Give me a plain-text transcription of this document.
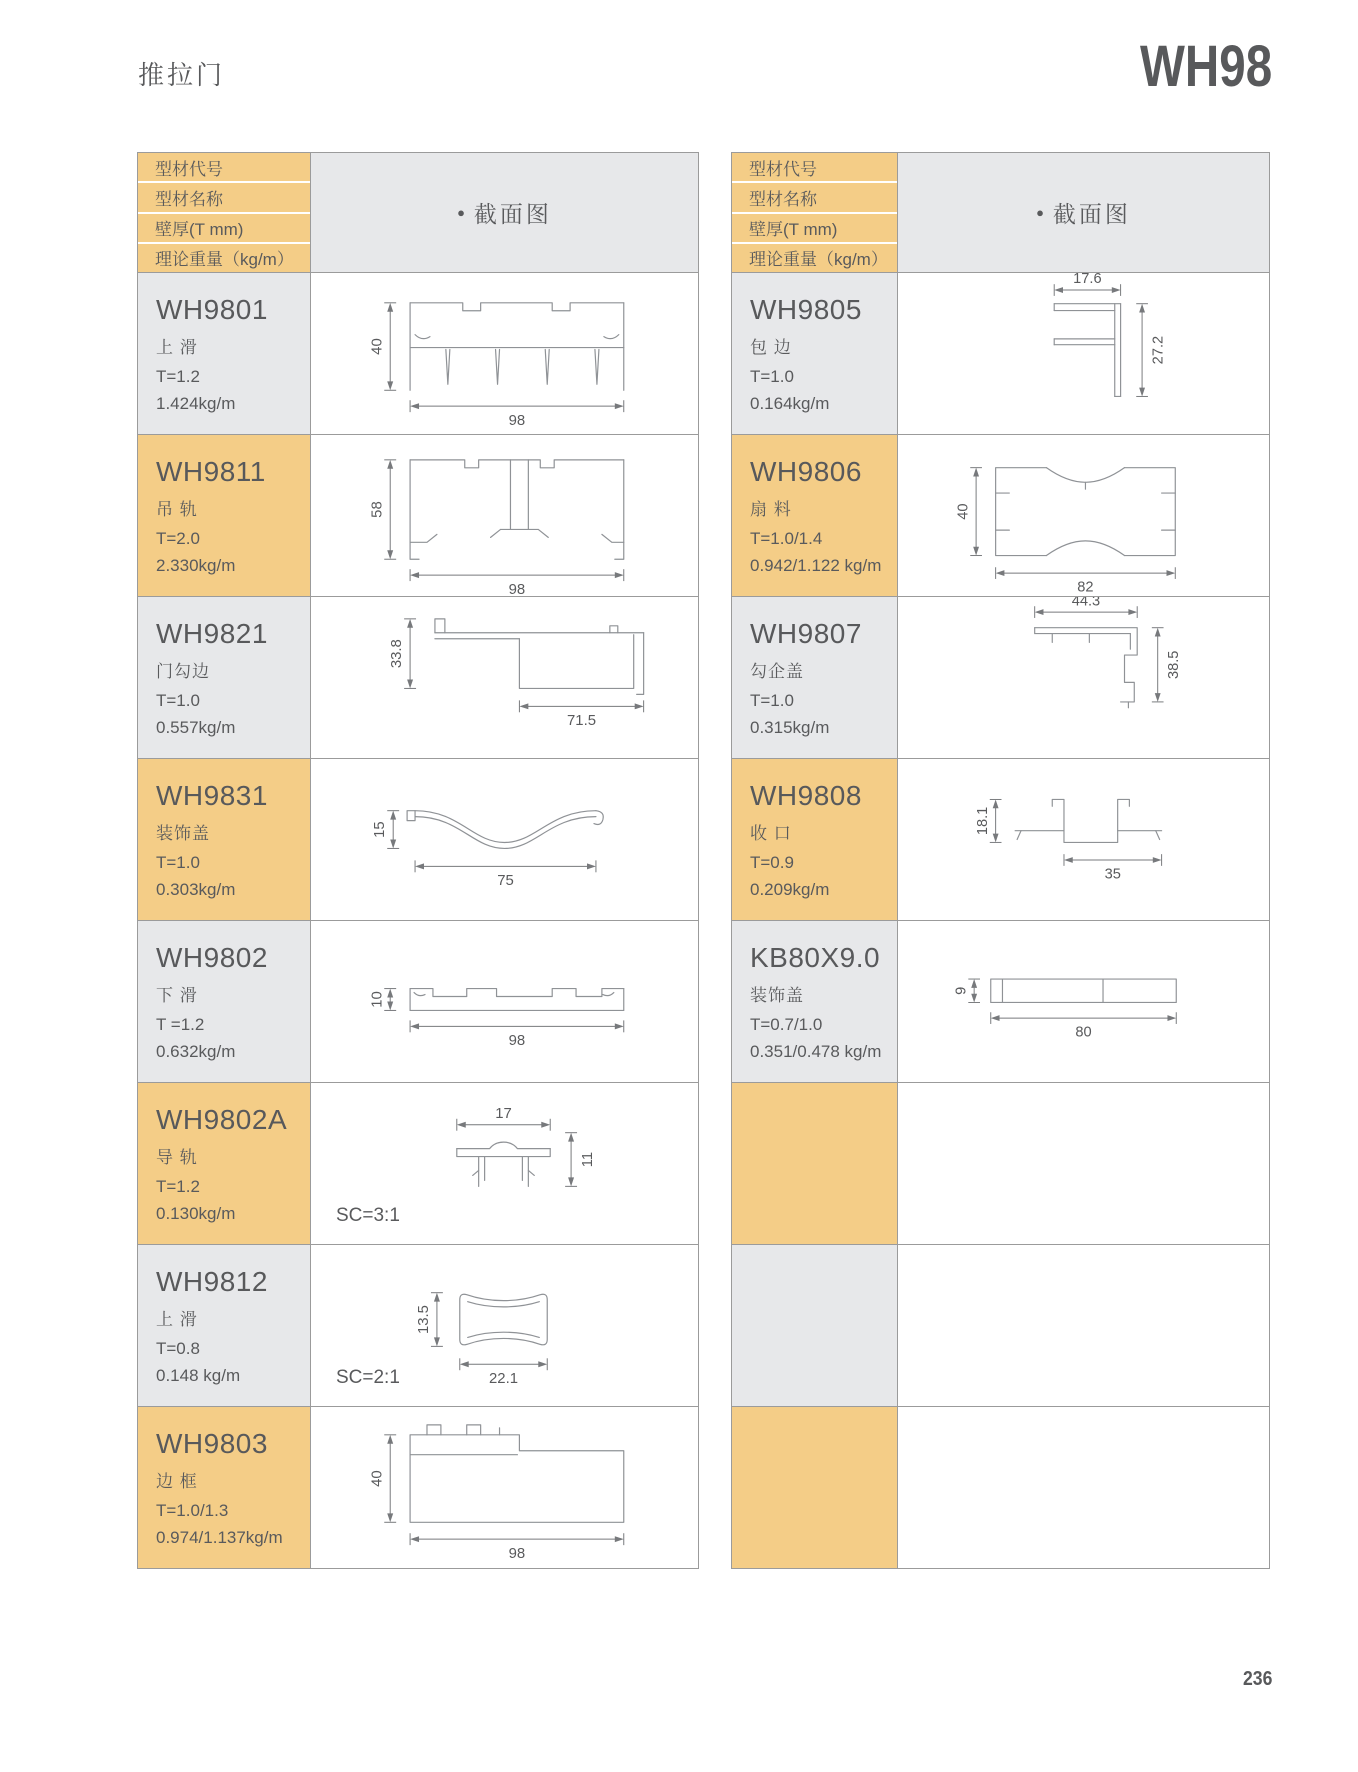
推拉门	WH98
型材代号
型材名称
壁厚(T mm)
理论重量（kg/m）
● 截面图
WH9801
上 滑
T=1.2
1.424kg/m
40
98
WH9811
吊 轨
T=2.0
2.330kg/m
58
98
WH9821
门勾边
T=1.0
0.557kg/m
33.8
71.5
WH9831
装饰盖
T=1.0
0.303kg/m
15
75
WH9802
下 滑
T =1.2
0.632kg/m
10
98
WH9802A
导 轨
T=1.2
0.130kg/m
17
11
SC=3:1
WH9812
上 滑
T=0.8
0.148 kg/m
13.5
22.1
SC=2:1
WH9803
边 框
T=1.0/1.3
0.974/1.137kg/m
40
98
型材代号
型材名称
壁厚(T mm)
理论重量（kg/m）
● 截面图
WH9805
包 边
T=1.0
0.164kg/m
17.6
27.2
WH9806
扇 料
T=1.0/1.4
0.942/1.122 kg/m
40
82
WH9807
勾企盖
T=1.0
0.315kg/m
44.3
38.5
WH9808
收 口
T=0.9
0.209kg/m
18.1
35
KB80X9.0
装饰盖
T=0.7/1.0
0.351/0.478 kg/m
9
80
236
